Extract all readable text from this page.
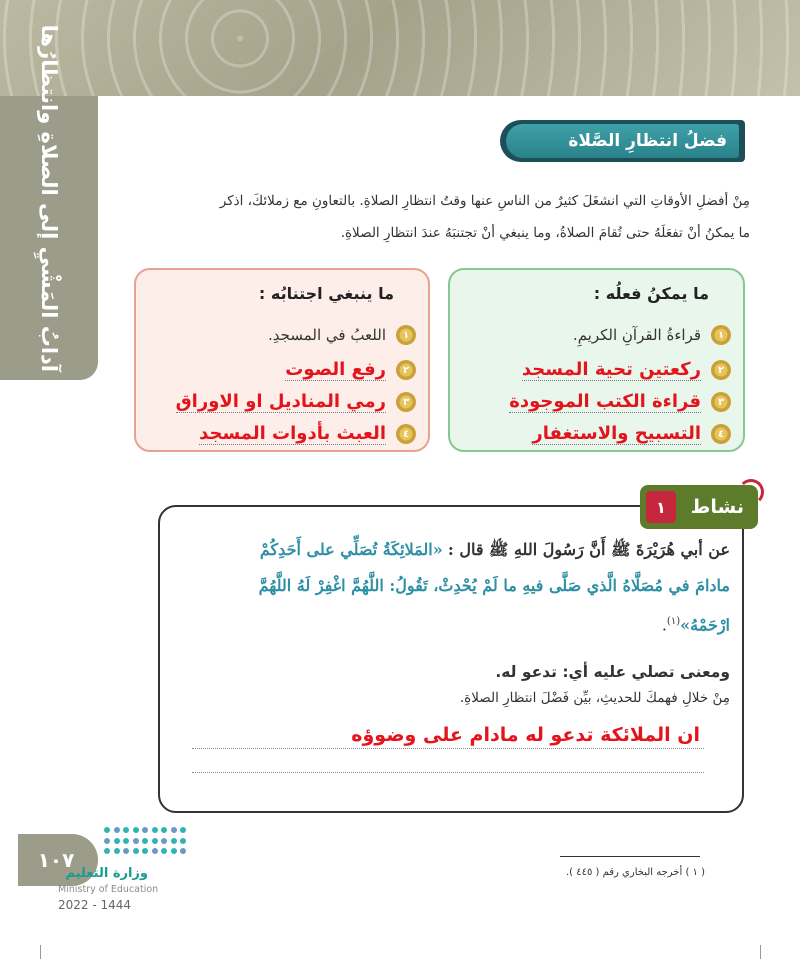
آدابُ المَشْيِ إلى الصلاةِ وانتظارُها	فضلُ انتظارِ الصَّلاة
مِنْ أفضلِ الأوقاتِ التي انشغَلَ كثيرٌ من الناسِ عنها وقتُ انتظارِ الصلاةِ. بالتعاونِ مع زملائكَ، اذكر
ما يمكنُ أنْ تفعَلَهُ حتى تُقامَ الصلاةُ، وما ينبغي أنْ تجتنبَهُ عندَ انتظارِ الصلاةِ.
ما يمكنُ فعلُه :
١
قراءةُ القرآنِ الكريمِ.
٢
ركعتين تحية المسجد
٣
قراءة الكتب الموجودة
٤
التسبيح والاستغفار
ما ينبغي اجتنابُه :
١
اللعبُ في المسجدِ.
٢
رفع الصوت
٣
رمي المناديل او الاوراق
٤
العبث بأدوات المسجد
١	نشاط
عن أبي هُرَيْرَةَ ﷺ أَنَّ رَسُولَ اللهِ ﷺ قال : «المَلائِكَةُ تُصَلِّي على أَحَدِكُمْ
مادامَ في مُصَلَّاهُ الَّذي صَلَّى فيهِ ما لَمْ يُحْدِثْ، تَقُولُ: اللَّهُمَّ اغْفِرْ لَهُ اللَّهُمَّ
ارْحَمْهُ»$^{(١)}$.
ومعنى تصلي عليه أي: تدعو له.
مِنْ خلالِ فهمكَ للحديثِ، بيِّن فَضْلَ انتظارِ الصلاةِ.
ان الملائكة تدعو له مادام على وضوؤه
١٠٧
وزارة التعليم
Ministry of Education
2022 - 1444
( ١ ) أخرجه البخاري رقم ( ٤٤٥ ).
